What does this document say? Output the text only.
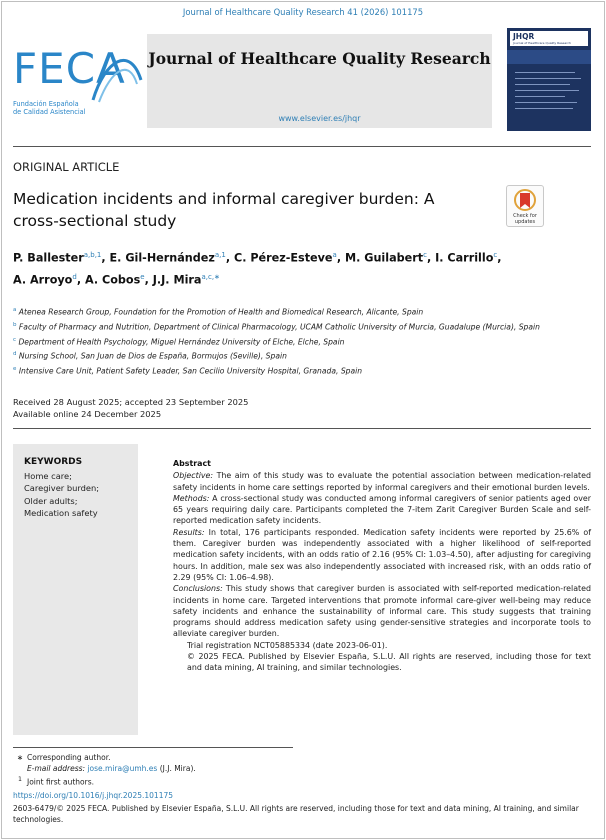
Journal of Healthcare Quality Research 41 (2026) 101175
FECA
Fundación Española
de Calidad Asistencial
Journal of Healthcare Quality Research
www.elsevier.es/jhqr
JHQR
Journal of Healthcare Quality Research
ORIGINAL ARTICLE
Medication incidents and informal caregiver burden: A
cross-sectional study	Check for
updates
P. Ballester$^{a,b,1}$, E. Gil-Hernández$^{a,1}$, C. Pérez-Esteve$^a$, M. Guilabert$^c$, I. Carrillo$^c$,
A. Arroyo$^d$, A. Cobos$^e$, J.J. Mira$^{a,c,∗}$
$^a$ Atenea Research Group, Foundation for the Promotion of Health and Biomedical Research, Alicante, Spain
$^b$ Faculty of Pharmacy and Nutrition, Department of Clinical Pharmacology, UCAM Catholic University of Murcia, Guadalupe (Murcia), Spain
$^c$ Department of Health Psychology, Miguel Hernández University of Elche, Elche, Spain
$^d$ Nursing School, San Juan de Dios de España, Bormujos (Seville), Spain
$^e$ Intensive Care Unit, Patient Safety Leader, San Cecilio University Hospital, Granada, Spain
Received 28 August 2025; accepted 23 September 2025
Available online 24 December 2025
KEYWORDS
Home care;
Caregiver burden;
Older adults;
Medication safety
Abstract

Objective: The aim of this study was to evaluate the potential association between medication-related safety incidents in home care settings reported by informal caregivers and their emotional burden levels.

Methods: A cross-sectional study was conducted among informal caregivers of senior patients aged over 65 years requiring daily care. Participants completed the 7-item Zarit Caregiver Burden Scale and self-reported medication safety incidents.

Results: In total, 176 participants responded. Medication safety incidents were reported by 25.6% of them. Caregiver burden was independently associated with a higher likelihood of self-reported medication safety incidents, with an odds ratio of 2.16 (95% CI: 1.03–4.50), after adjusting for caregiving hours. In addition, male sex was also independently associated with increased risk, with an odds ratio of 2.29 (95% CI: 1.06–4.98).

Conclusions: This study shows that caregiver burden is associated with self-reported medication-related incidents in home care. Targeted interventions that promote informal care-giver well-being may reduce safety incidents and enhance the sustainability of informal care. This study suggests that training programs should address medication safety using gender-sensitive strategies and incorporate tools to alleviate caregiver burden.

Trial registration NCT05885334 (date 2023-06-01).

© 2025 FECA. Published by Elsevier España, S.L.U. All rights are reserved, including those for text and data mining, AI training, and similar technologies.

∗ Corresponding author.
E-mail address: jose.mira@umh.es (J.J. Mira).
$^1$ Joint first authors.
https://doi.org/10.1016/j.jhqr.2025.101175
2603-6479/© 2025 FECA. Published by Elsevier España, S.L.U. All rights are reserved, including those for text and data mining, AI training, and similar technologies.
